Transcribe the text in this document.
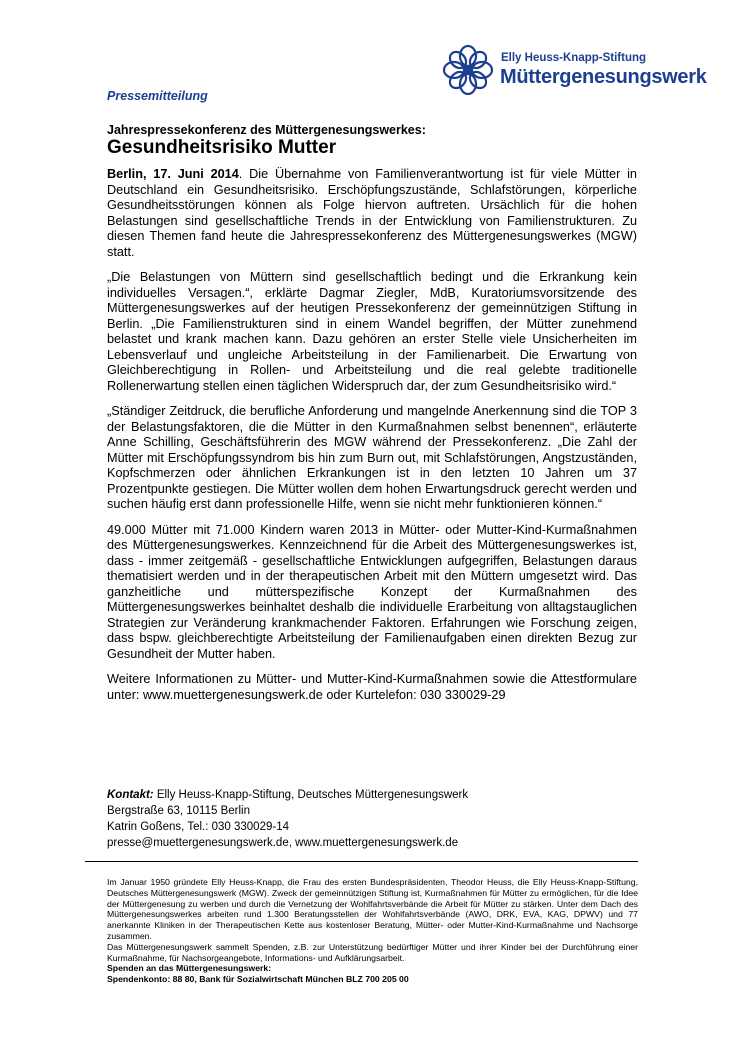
Elly Heuss-Knapp-Stiftung
Müttergenesungswerk
Pressemitteilung
Jahrespressekonferenz des Müttergenesungswerkes:
Gesundheitsrisiko Mutter

Berlin, 17. Juni 2014. Die Übernahme von Familienverantwortung ist für viele Mütter in Deutschland ein Gesundheitsrisiko. Erschöpfungszustände, Schlafstörungen, körperliche Gesundheitsstörungen können als Folge hiervon auftreten. Ursächlich für die hohen Belastungen sind gesellschaftliche Trends in der Entwicklung von Familienstrukturen. Zu diesen Themen fand heute die Jahrespressekonferenz des Müttergenesungswerkes (MGW) statt.

„Die Belastungen von Müttern sind gesellschaftlich bedingt und die Erkrankung kein individuelles Versagen.“, erklärte Dagmar Ziegler, MdB, Kuratoriumsvorsitzende des Müttergenesungswerkes auf der heutigen Pressekonferenz der gemeinnützigen Stiftung in Berlin. „Die Familienstrukturen sind in einem Wandel begriffen, der Mütter zunehmend belastet und krank machen kann. Dazu gehören an erster Stelle viele Unsicherheiten im Lebensverlauf und ungleiche Arbeitsteilung in der Familienarbeit. Die Erwartung von Gleichberechtigung in Rollen- und Arbeitsteilung und die real gelebte traditionelle Rollenerwartung stellen einen täglichen Widerspruch dar, der zum Gesundheitsrisiko wird.“

„Ständiger Zeitdruck, die berufliche Anforderung und mangelnde Anerkennung sind die TOP 3 der Belastungsfaktoren, die die Mütter in den Kurmaßnahmen selbst benennen“, erläuterte Anne Schilling, Geschäftsführerin des MGW während der Pressekonferenz. „Die Zahl der Mütter mit Erschöpfungssyndrom bis hin zum Burn out, mit Schlafstörungen, Angstzuständen, Kopfschmerzen oder ähnlichen Erkrankungen ist in den letzten 10 Jahren um 37 Prozentpunkte gestiegen. Die Mütter wollen dem hohen Erwartungsdruck gerecht werden und suchen häufig erst dann professionelle Hilfe, wenn sie nicht mehr funktionieren können.“

49.000 Mütter mit 71.000 Kindern waren 2013 in Mütter- oder Mutter-Kind-Kurmaßnahmen des Müttergenesungswerkes. Kennzeichnend für die Arbeit des Müttergenesungswerkes ist, dass - immer zeitgemäß - gesellschaftliche Entwicklungen aufgegriffen, Belastungen daraus thematisiert werden und in der therapeutischen Arbeit mit den Müttern umgesetzt wird. Das ganzheitliche und mütterspezifische Konzept der Kurmaßnahmen des Müttergenesungswerkes beinhaltet deshalb die individuelle Erarbeitung von alltagstauglichen Strategien zur Veränderung krankmachender Faktoren. Erfahrungen wie Forschung zeigen, dass bspw. gleichberechtigte Arbeitsteilung der Familienaufgaben einen direkten Bezug zur Gesundheit der Mutter haben.

Weitere Informationen zu Mütter- und Mutter-Kind-Kurmaßnahmen sowie die Attestformulare unter: www.muettergenesungswerk.de oder Kurtelefon: 030 330029-29

Kontakt: Elly Heuss-Knapp-Stiftung, Deutsches Müttergenesungswerk
Bergstraße 63, 10115 Berlin
Katrin Goßens, Tel.: 030 330029-14
presse@muettergenesungswerk.de, www.muettergenesungswerk.de

Im Januar 1950 gründete Elly Heuss-Knapp, die Frau des ersten Bundespräsidenten, Theodor Heuss, die Elly Heuss-Knapp-Stiftung, Deutsches Müttergenesungswerk (MGW). Zweck der gemeinnützigen Stiftung ist, Kurmaßnahmen für Mütter zu ermöglichen, für die Idee der Müttergenesung zu werben und durch die Vernetzung der Wohlfahrtsverbände die Arbeit für Mütter zu stärken. Unter dem Dach des Müttergenesungswerkes arbeiten rund 1.300 Beratungsstellen der Wohlfahrtsverbände (AWO, DRK, EVA, KAG, DPWV) und 77 anerkannte Kliniken in der Therapeutischen Kette aus kostenloser Beratung, Mütter- oder Mutter-Kind-Kurmaßnahme und Nachsorge zusammen.

Das Müttergenesungswerk sammelt Spenden, z.B. zur Unterstützung bedürftiger Mütter und ihrer Kinder bei der Durchführung einer Kurmaßnahme, für Nachsorgeangebote, Informations- und Aufklärungsarbeit.

Spenden an das Müttergenesungswerk:

Spendenkonto: 88 80, Bank für Sozialwirtschaft München BLZ 700 205 00
